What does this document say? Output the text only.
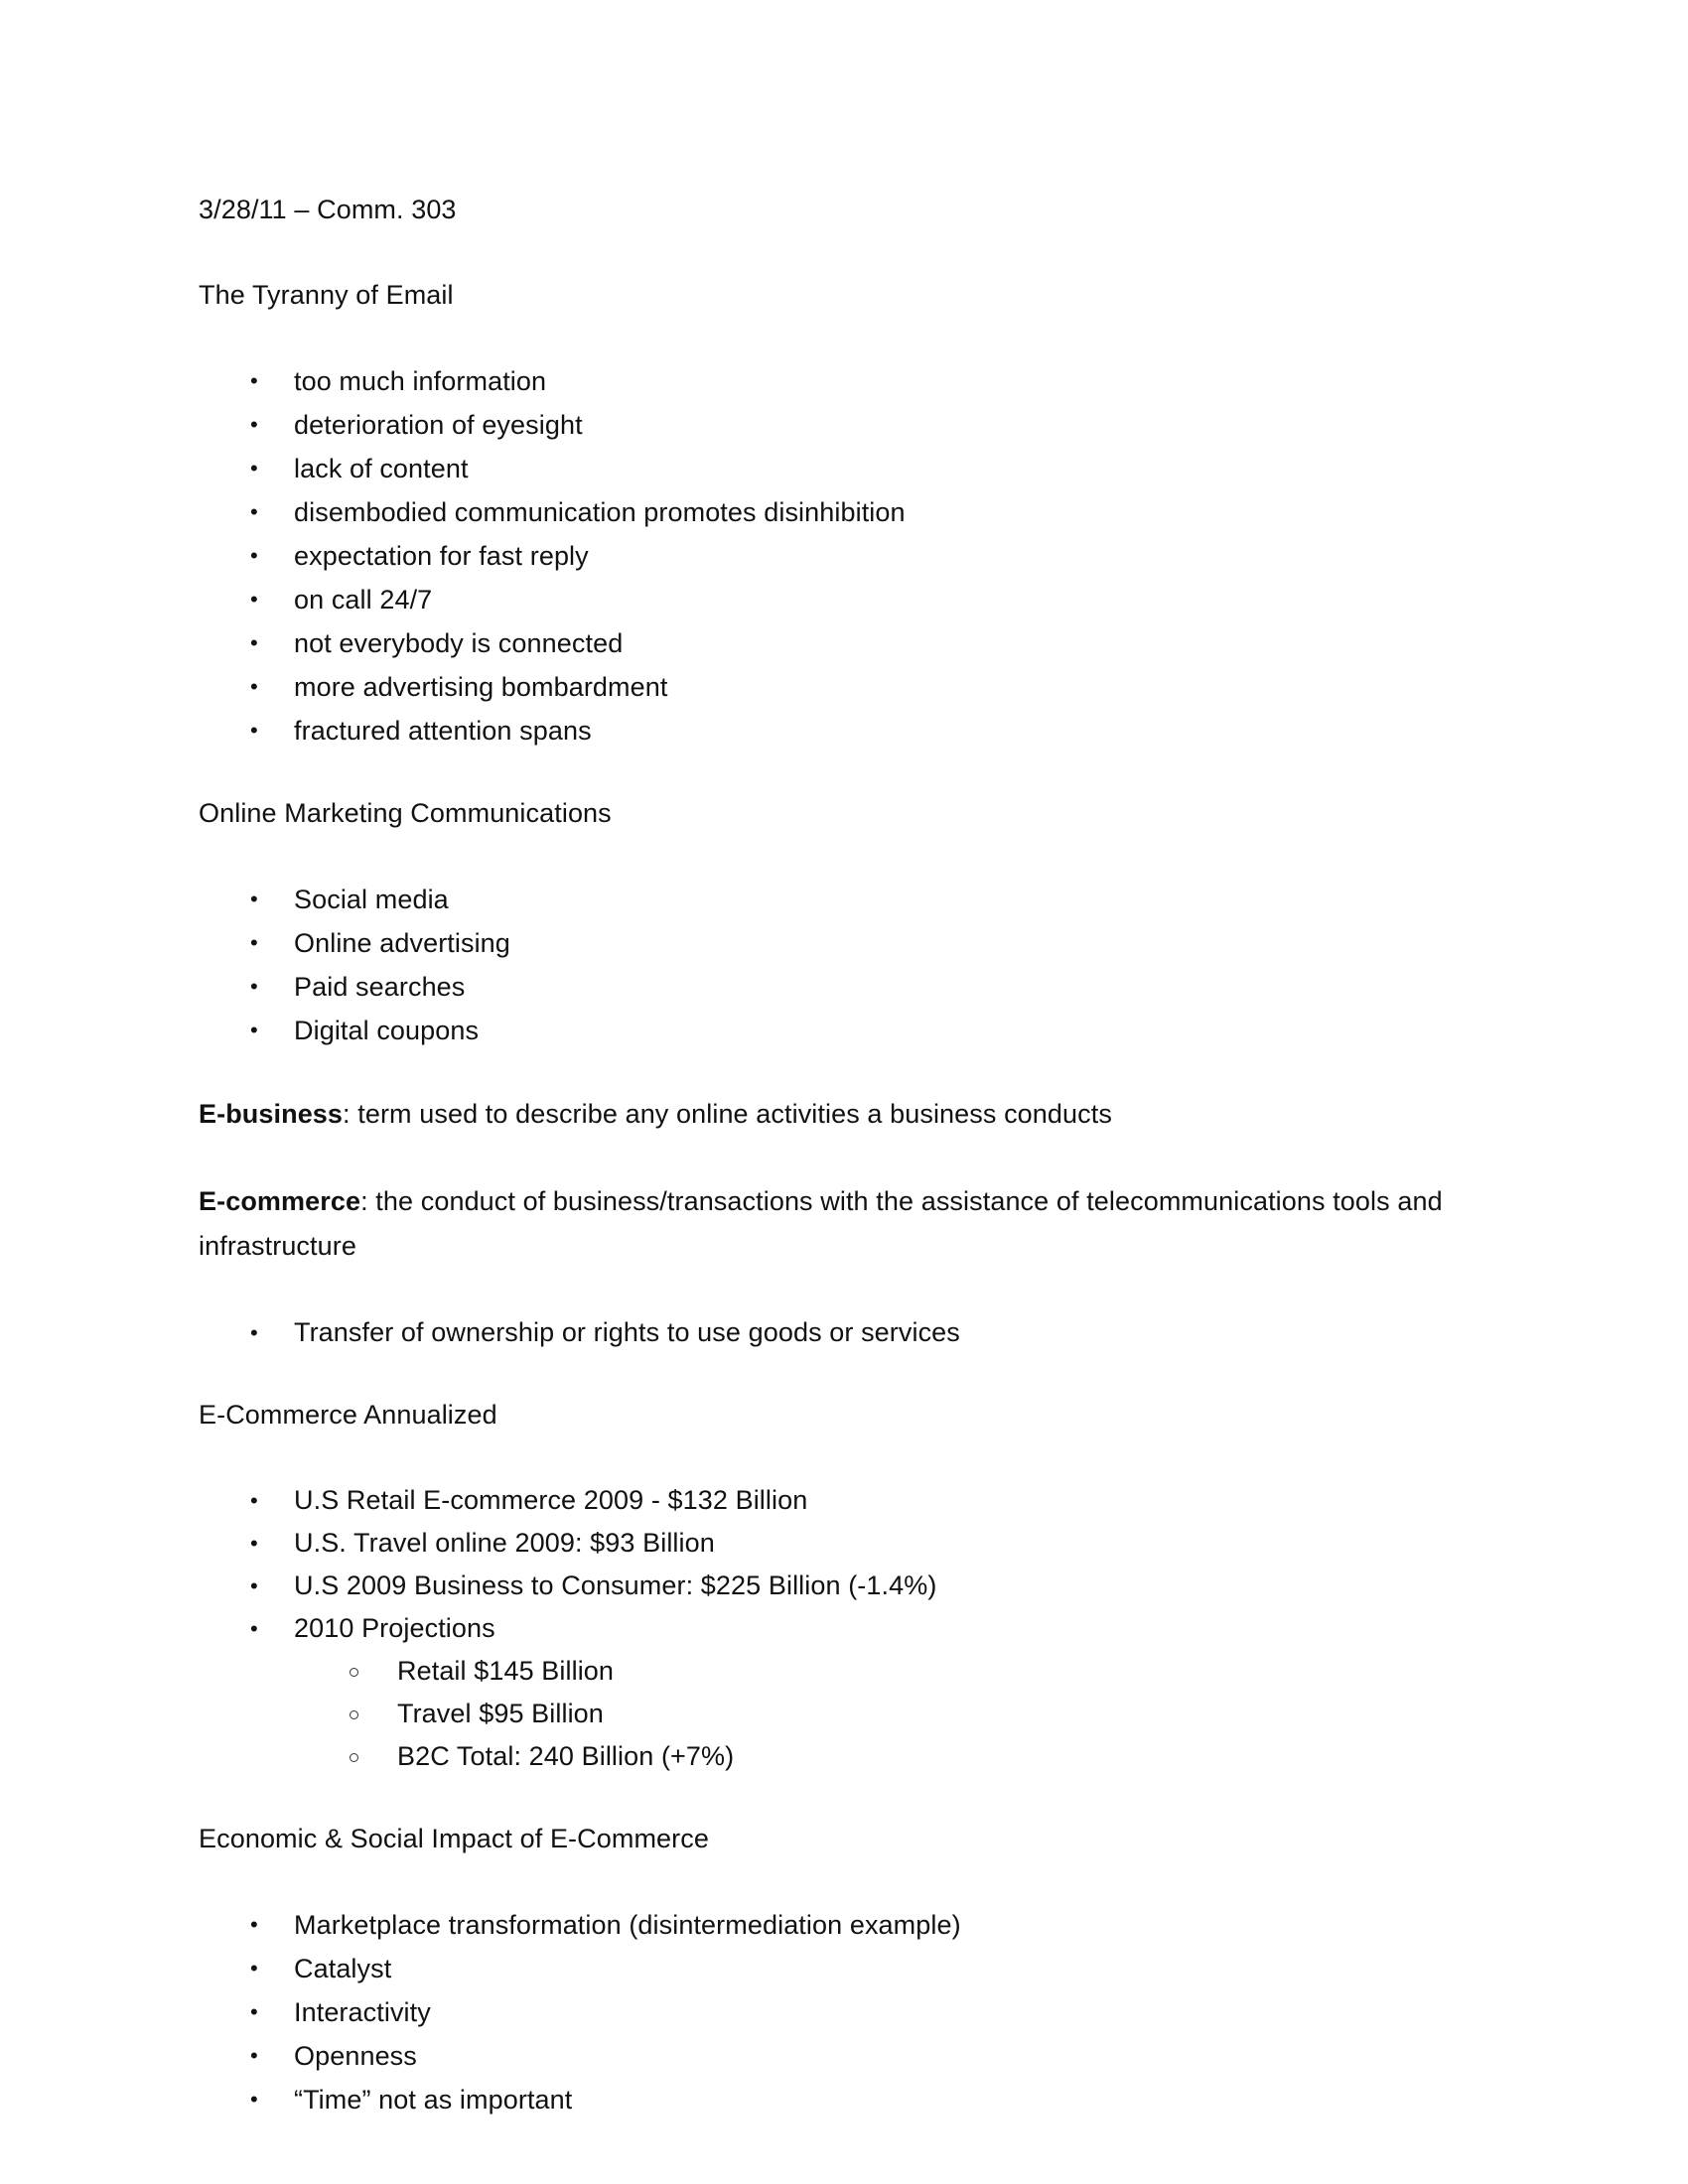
3/28/11 – Comm. 303

The Tyranny of Email

• too much information
• deterioration of eyesight
• lack of content
• disembodied communication promotes disinhibition
• expectation for fast reply
• on call 24/7
• not everybody is connected
• more advertising bombardment
• fractured attention spans

Online Marketing Communications

• Social media
• Online advertising
• Paid searches
• Digital coupons

E-business: term used to describe any online activities a business conducts

E-commerce: the conduct of business/transactions with the assistance of telecommunications tools and infrastructure

• Transfer of ownership or rights to use goods or services

E-Commerce Annualized

• U.S Retail E-commerce 2009 - $132 Billion
• U.S. Travel online 2009: $93 Billion
• U.S 2009 Business to Consumer: $225 Billion (-1.4%)
• 2010 Projections
Retail $145 Billion
Travel $95 Billion
B2C Total: 240 Billion (+7%)

Economic & Social Impact of E-Commerce

• Marketplace transformation (disintermediation example)
• Catalyst
• Interactivity
• Openness
• “Time” not as important
